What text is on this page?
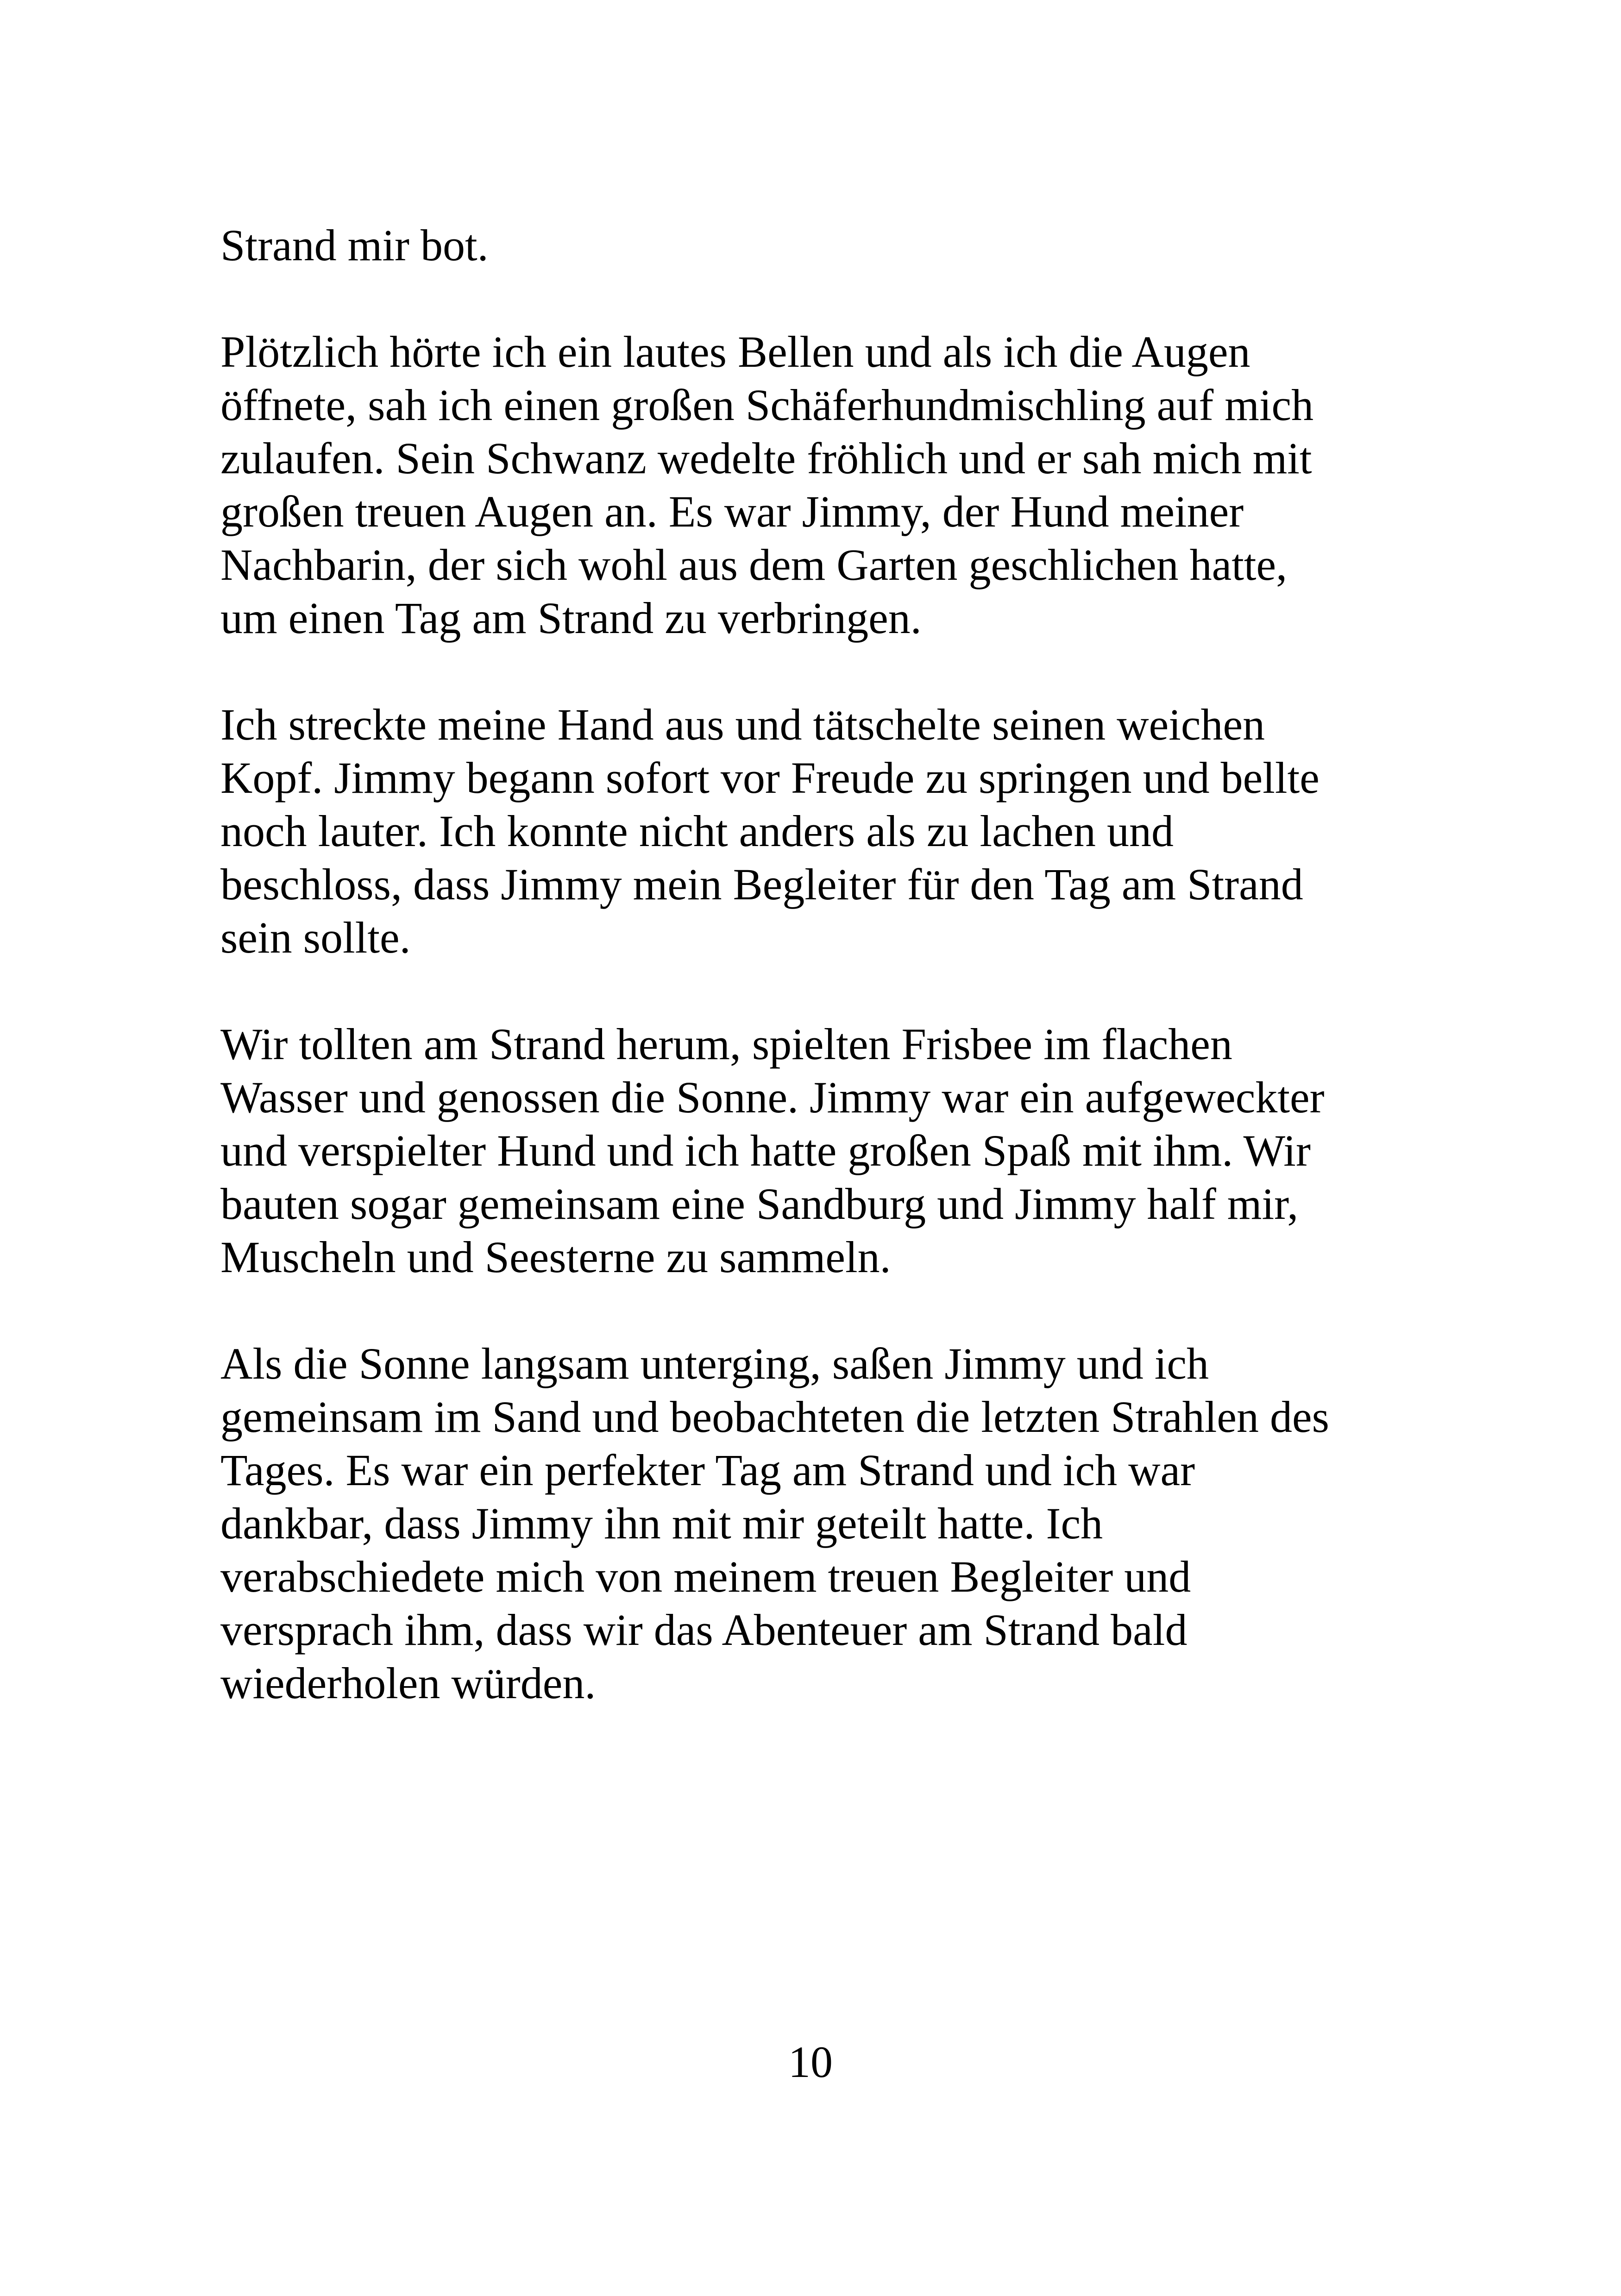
Strand mir bot.

Plötzlich hörte ich ein lautes Bellen und als ich die Augen
öffnete, sah ich einen großen Schäferhundmischling auf mich
zulaufen. Sein Schwanz wedelte fröhlich und er sah mich mit
großen treuen Augen an. Es war Jimmy, der Hund meiner
Nachbarin, der sich wohl aus dem Garten geschlichen hatte,
um einen Tag am Strand zu verbringen.

Ich streckte meine Hand aus und tätschelte seinen weichen
Kopf. Jimmy begann sofort vor Freude zu springen und bellte
noch lauter. Ich konnte nicht anders als zu lachen und
beschloss, dass Jimmy mein Begleiter für den Tag am Strand
sein sollte.

Wir tollten am Strand herum, spielten Frisbee im flachen
Wasser und genossen die Sonne. Jimmy war ein aufgeweckter
und verspielter Hund und ich hatte großen Spaß mit ihm. Wir
bauten sogar gemeinsam eine Sandburg und Jimmy half mir,
Muscheln und Seesterne zu sammeln.

Als die Sonne langsam unterging, saßen Jimmy und ich
gemeinsam im Sand und beobachteten die letzten Strahlen des
Tages. Es war ein perfekter Tag am Strand und ich war
dankbar, dass Jimmy ihn mit mir geteilt hatte. Ich
verabschiedete mich von meinem treuen Begleiter und
versprach ihm, dass wir das Abenteuer am Strand bald
wiederholen würden.

10
